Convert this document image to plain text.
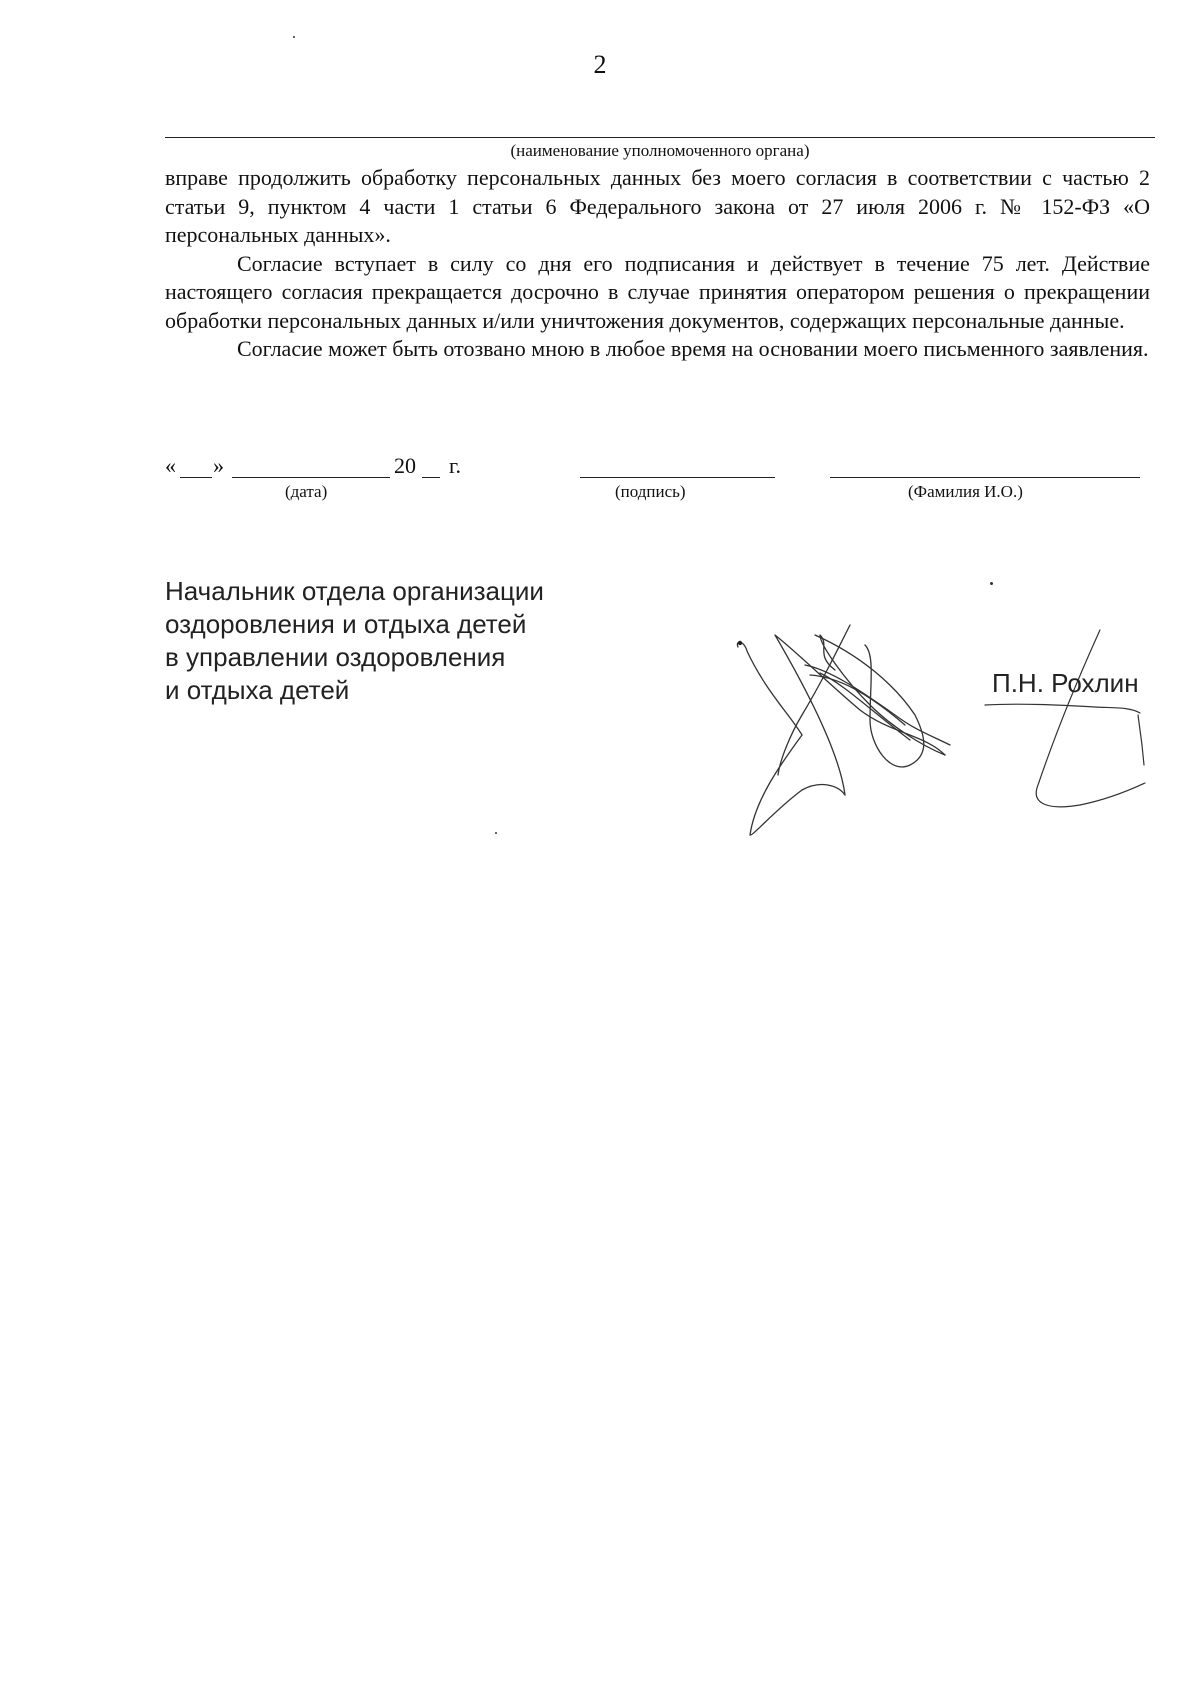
2
(наименование уполномоченного органа)

вправе продолжить обработку персональных данных без моего согласия в соответствии с частью 2 статьи 9, пунктом 4 части 1 статьи 6 Федерального закона от 27 июля 2006 г. № 152-ФЗ «О персональных данных».

Согласие вступает в силу со дня его подписания и действует в течение 75 лет. Действие настоящего согласия прекращается досрочно в случае принятия оператором решения о прекращении обработки персональных данных и/или уничтожения документов, содержащих персональные данные.

Согласие может быть отозвано мною в любое время на основании моего письменного заявления.

« »	20 г.
(дата)	(подпись)	(Фамилия И.О.)
Начальник отдела организации
оздоровления и отдыха детей
в управлении оздоровления
и отдыха детей	П.Н. Рохлин
